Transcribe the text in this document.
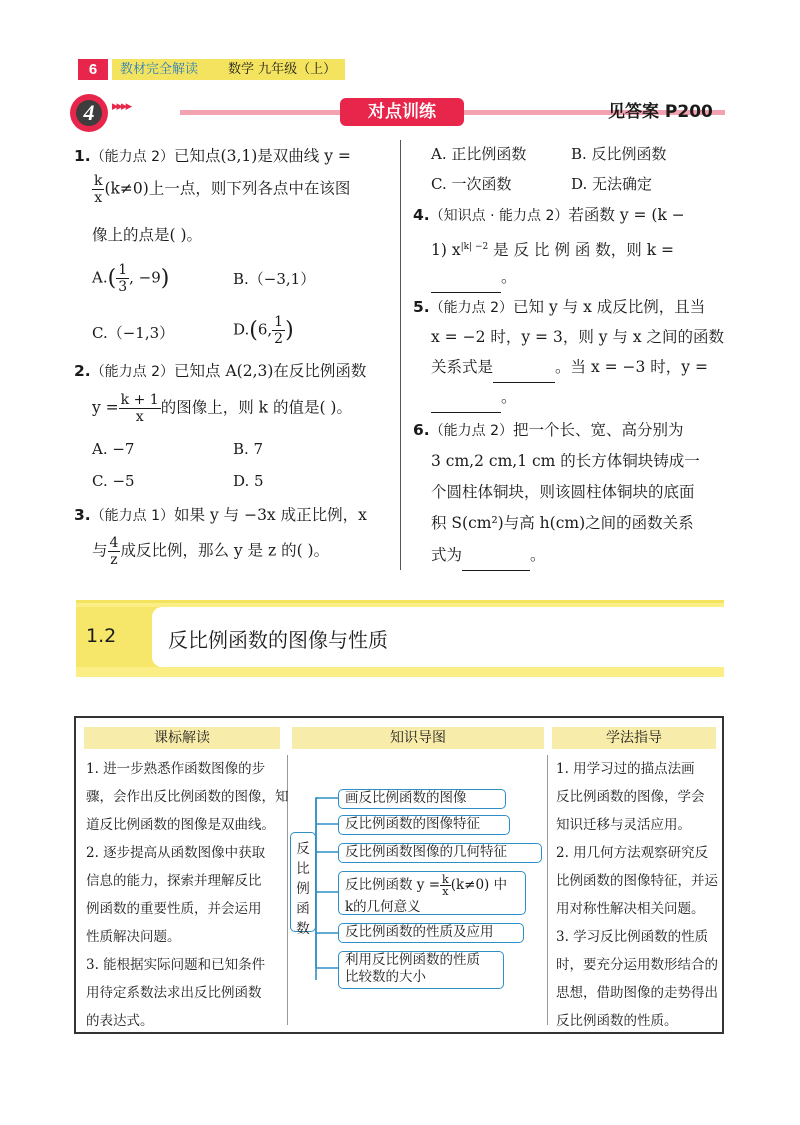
6	教材完全解读 数学 九年级（上）
4	▸▸▸▸	对点训练	见答案 P200
1.（能力点 2）已知点(3,1)是双曲线 y =
$\frac{k}{x} (k\ne 0)$上一点，则下列各点中在该图
像上的点是( )。
$A.( \frac{1}{3}$ , −9)	B.（−3,1）
C.（−1,3）	D.(6, $\frac{1}{2}$ )
2.（能力点 2）已知点 A(2,3)在反比例函数
$y = \frac{k + 1}{x}$ 的图像上，则 k 的值是( )。
A. −7	B. 7
C. −5	D. 5
3.（能力点 1）如果 y 与 −3x 成正比例，x
与 $\frac{4}{z}$ 成反比例，那么 y 是 z 的( )。
A. 正比例函数	B. 反比例函数
C. 一次函数	D. 无法确定
4.（知识点 · 能力点 2）若函数 y = (k −
1) $x^{|k| -2}$ 是 反 比 例 函 数，则 k =
。
5.（能力点 2）已知 y 与 x 成反比例，且当
x = −2 时，y = 3，则 y 与 x 之间的函数
关系式是	。当 x = −3 时，y =
。
6.（能力点 2）把一个长、宽、高分别为
3 cm,2 cm,1 cm 的长方体铜块铸成一
个圆柱体铜块，则该圆柱体铜块的底面
积 S(cm²)与高 h(cm)之间的函数关系
式为	。
1.2	反比例函数的图像与性质
课标解读	知识导图	学法指导
1. 进一步熟悉作函数图像的步
骤，会作出反比例函数的图像，知
道反比例函数的图像是双曲线。
2. 逐步提高从函数图像中获取
信息的能力，探索并理解反比
例函数的重要性质，并会运用
性质解决问题。
3. 能根据实际问题和已知条件
用待定系数法求出反比例函数
的表达式。
1. 用学习过的描点法画
反比例函数的图像，学会
知识迁移与灵活应用。
2. 用几何方法观察研究反
比例函数的图像特征，并运
用对称性解决相关问题。
3. 学习反比例函数的性质
时，要充分运用数形结合的
思想，借助图像的走势得出
反比例函数的性质。
反比例函数
画反比例函数的图像
反比例函数的图像特征
反比例函数图像的几何特征
反比例函数 $y = \frac{k}{x} (k\ne 0)$ 中
k的几何意义
反比例函数的性质及应用
利用反比例函数的性质
比较数的大小
